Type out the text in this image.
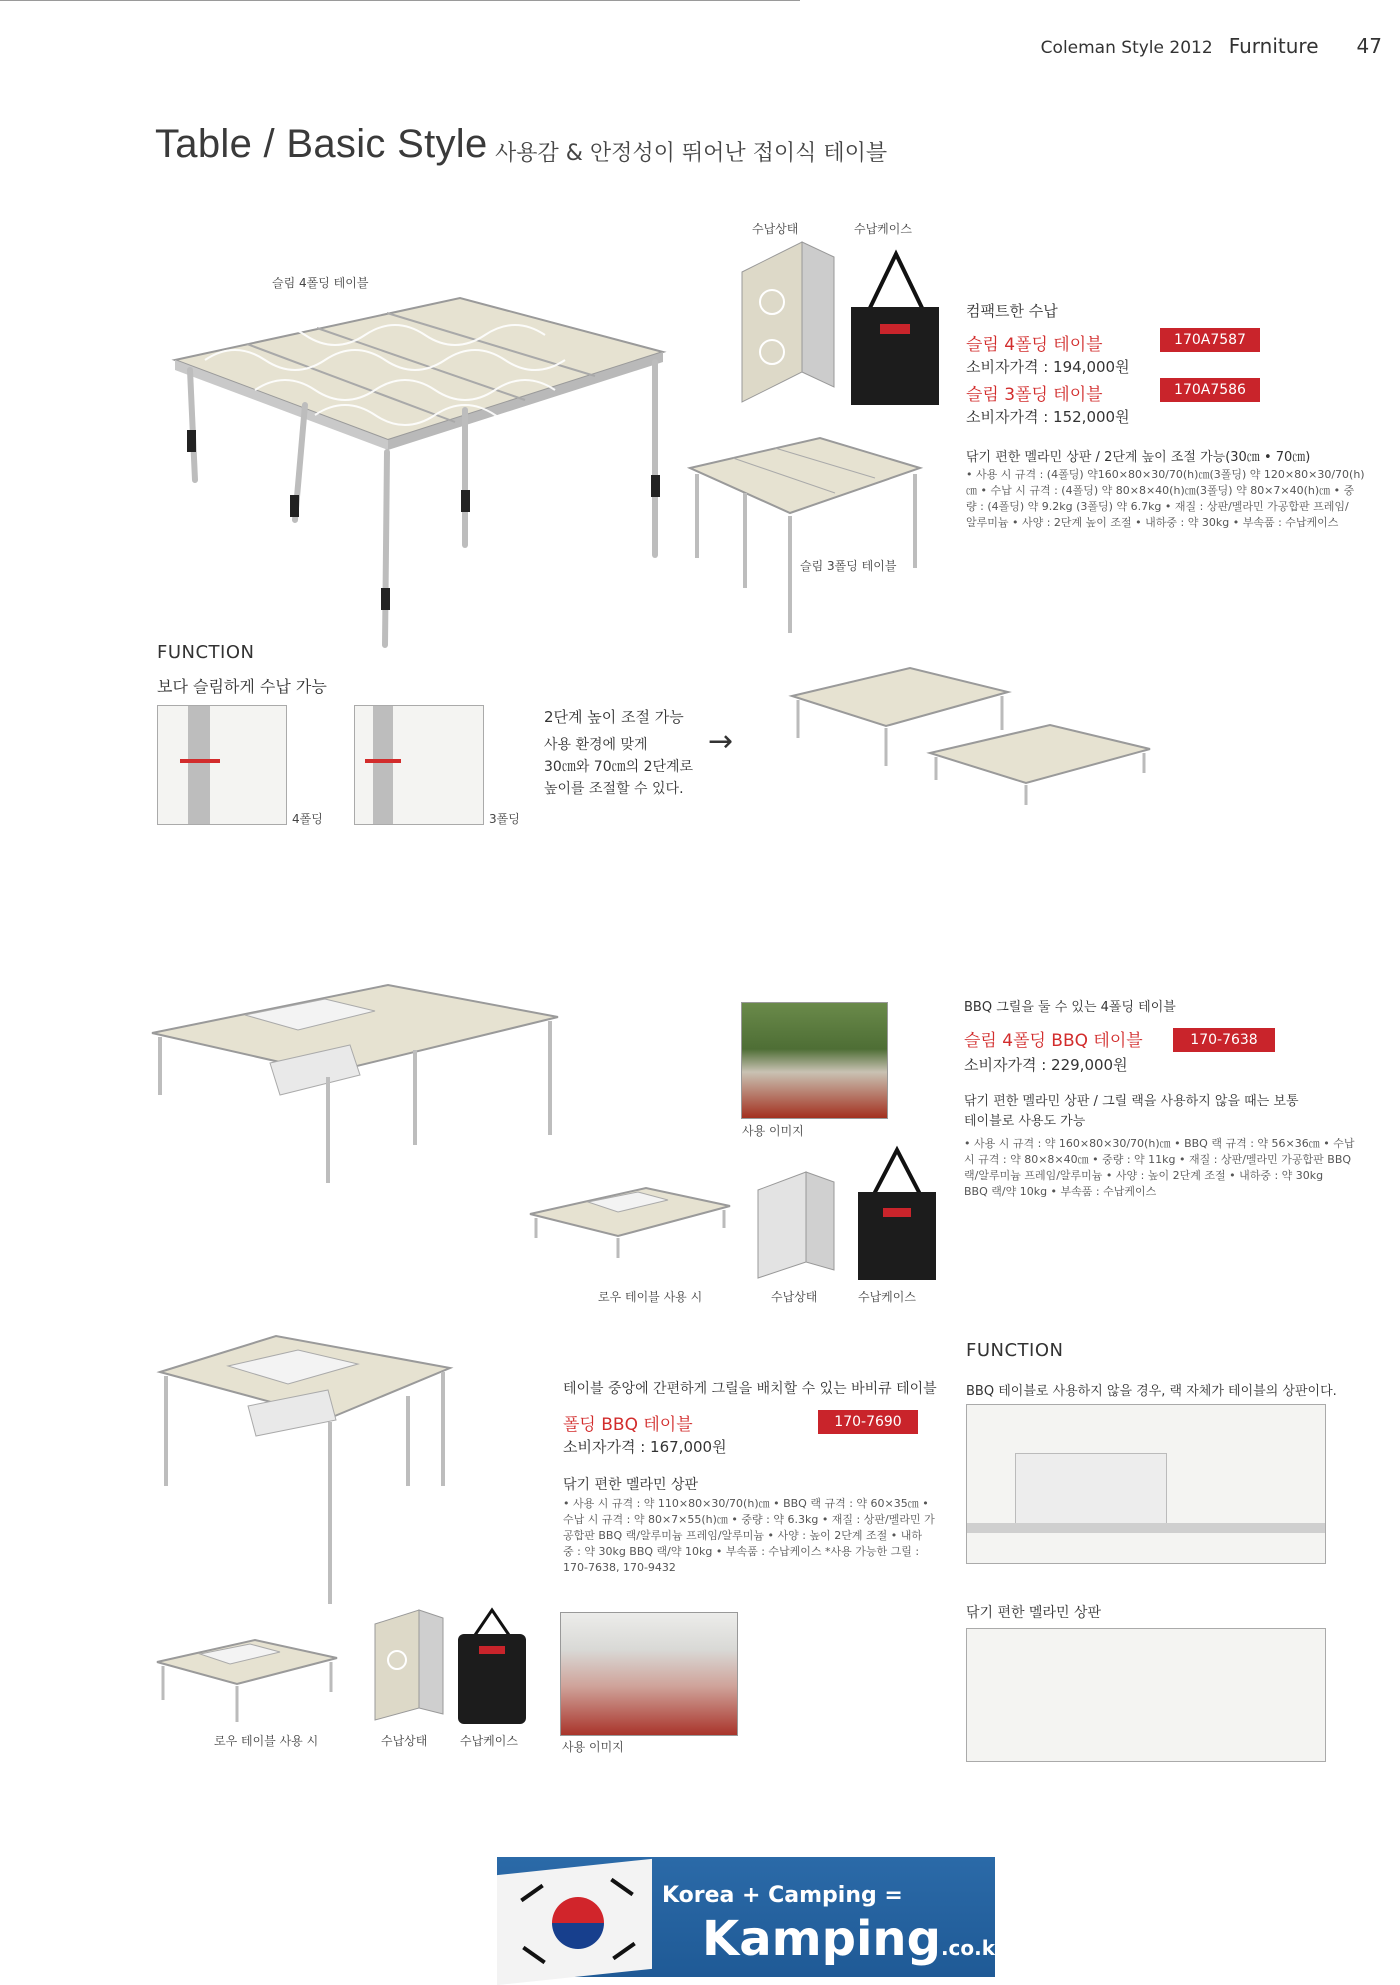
Coleman Style 2012 Furniture 47
Table / Basic Style 사용감 & 안정성이 뛰어난 접이식 테이블
슬림 4폴딩 테이블
수납상태	수납케이스
슬림 3폴딩 테이블
컴팩트한 수납
슬림 4폴딩 테이블	170A7587
소비자가격 : 194,000원
슬림 3폴딩 테이블	170A7586
소비자가격 : 152,000원
닦기 편한 멜라민 상판 / 2단계 높이 조절 가능(30㎝ • 70㎝)
• 사용 시 규격 : (4폴딩) 약160×80×30/70(h)㎝(3폴딩) 약 120×80×30/70(h)
㎝ • 수납 시 규격 : (4폴딩) 약 80×8×40(h)㎝(3폴딩) 약 80×7×40(h)㎝ • 중
량 : (4폴딩) 약 9.2kg (3폴딩) 약 6.7kg • 재질 : 상판/멜라민 가공합판 프레임/
알루미늄 • 사양 : 2단계 높이 조절 • 내하중 : 약 30kg • 부속품 : 수납케이스
FUNCTION
보다 슬림하게 수납 가능
4폴딩	3폴딩
2단계 높이 조절 가능
사용 환경에 맞게
30㎝와 70㎝의 2단계로
높이를 조절할 수 있다.
→
사용 이미지
로우 테이블 사용 시	수납상태	수납케이스
BBQ 그릴을 둘 수 있는 4폴딩 테이블
슬림 4폴딩 BBQ 테이블	170-7638
소비자가격 : 229,000원
닦기 편한 멜라민 상판 / 그릴 랙을 사용하지 않을 때는 보통
테이블로 사용도 가능
• 사용 시 규격 : 약 160×80×30/70(h)㎝ • BBQ 랙 규격 : 약 56×36㎝ • 수납
시 규격 : 약 80×8×40㎝ • 중량 : 약 11kg • 재질 : 상판/멜라민 가공합판 BBQ
랙/알루미늄 프레임/알루미늄 • 사양 : 높이 2단계 조절 • 내하중 : 약 30kg
BBQ 랙/약 10kg • 부속품 : 수납케이스
테이블 중앙에 간편하게 그릴을 배치할 수 있는 바비큐 테이블
폴딩 BBQ 테이블	170-7690
소비자가격 : 167,000원
닦기 편한 멜라민 상판
• 사용 시 규격 : 약 110×80×30/70(h)㎝ • BBQ 랙 규격 : 약 60×35㎝ •
수납 시 규격 : 약 80×7×55(h)㎝ • 중량 : 약 6.3kg • 재질 : 상판/멜라민 가
공합판 BBQ 랙/알루미늄 프레임/알루미늄 • 사양 : 높이 2단계 조절 • 내하
중 : 약 30kg BBQ 랙/약 10kg • 부속품 : 수납케이스 *사용 가능한 그릴 :
170-7638, 170-9432
로우 테이블 사용 시	수납상태	수납케이스	사용 이미지
FUNCTION
BBQ 테이블로 사용하지 않을 경우, 랙 자체가 테이블의 상판이다.
닦기 편한 멜라민 상판
Korea + Camping =
Kamping.co.kr
